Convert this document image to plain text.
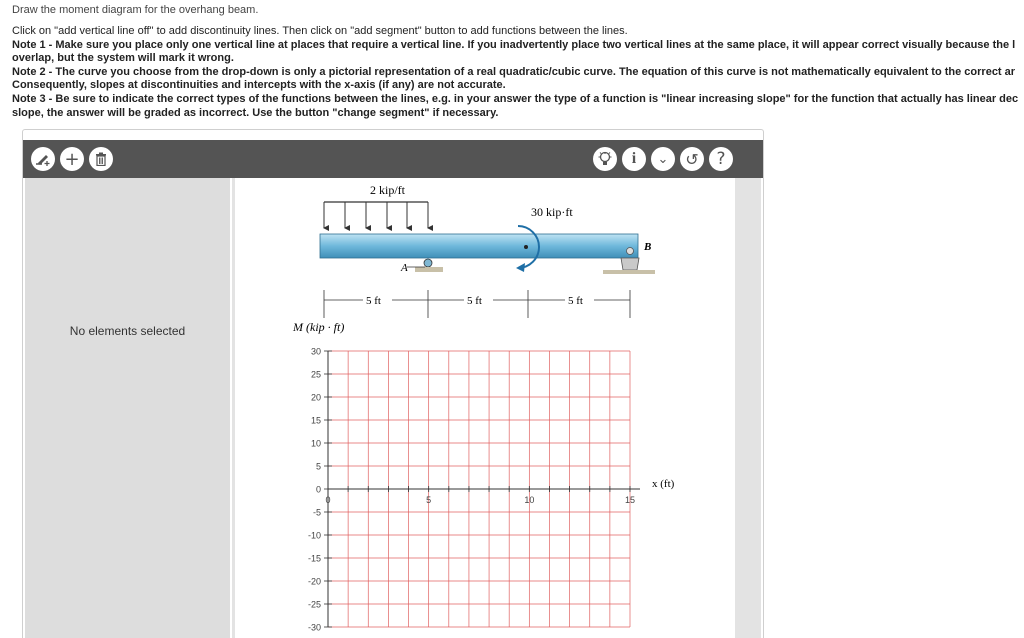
Draw the moment diagram for the overhang beam.

Click on "add vertical line off" to add discontinuity lines. Then click on "add segment" button to add functions between the lines.

Note 1 - Make sure you place only one vertical line at places that require a vertical line. If you inadvertently place two vertical lines at the same place, it will appear correct visually because the l

overlap, but the system will mark it wrong.

Note 2 - The curve you choose from the drop-down is only a pictorial representation of a real quadratic/cubic curve. The equation of this curve is not mathematically equivalent to the correct ar

Consequently, slopes at discontinuities and intercepts with the x-axis (if any) are not accurate.

Note 3 - Be sure to indicate the correct types of the functions between the lines, e.g. in your answer the type of a function is "linear increasing slope" for the function that actually has linear dec

slope, the answer will be graded as incorrect. Use the button "change segment" if necessary.

+	i	⌄	↺	?
No elements selected
2 kip/ft
30 kip·ft
A
B
5 ft	5 ft	5 ft
M (kip · ft)
x (ft)
30
25
20
15
10
5
0
-5
-10
-15
-20
-25
-30
0	5	10	15
